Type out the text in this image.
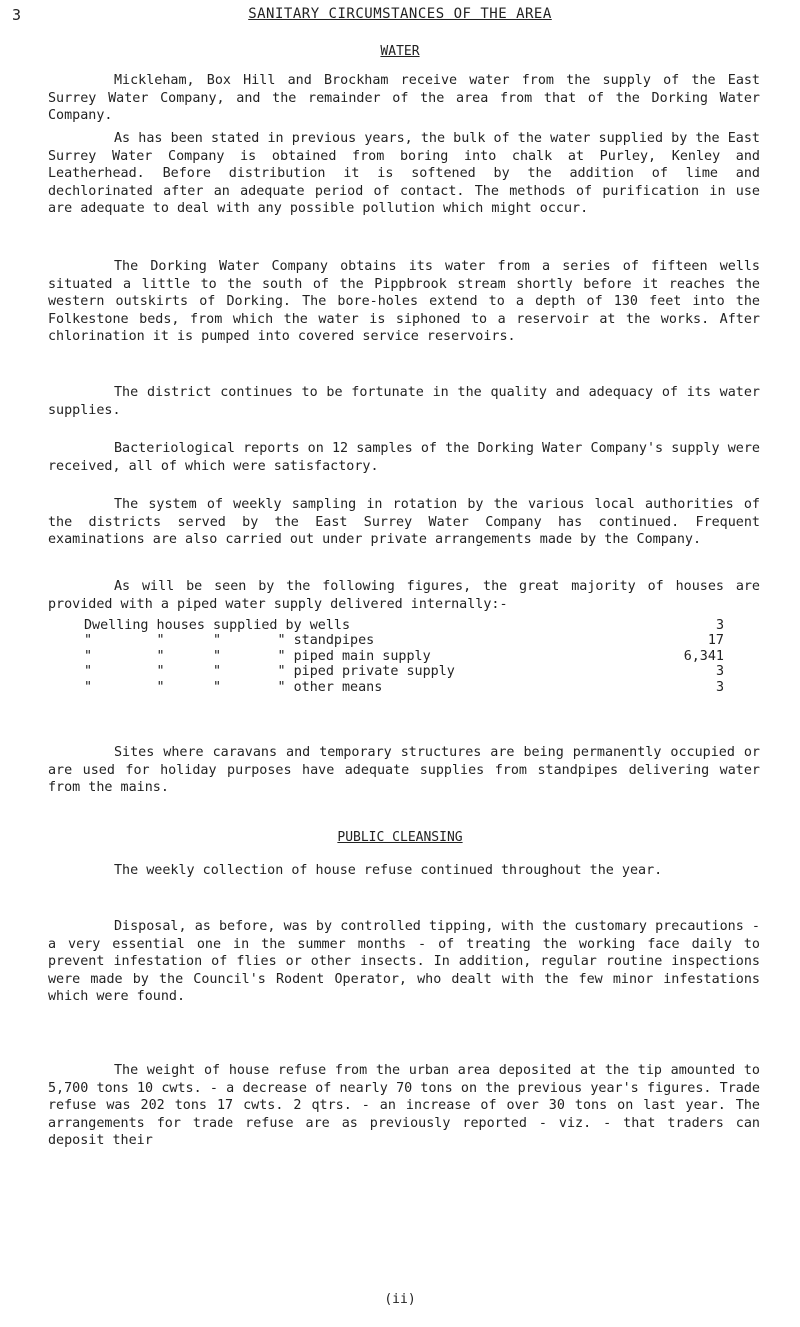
3	SANITARY CIRCUMSTANCES OF THE AREA
WATER

Mickleham, Box Hill and Brockham receive water from the supply of the East Surrey Water Company, and the remainder of the area from that of the Dorking Water Company.

As has been stated in previous years, the bulk of the water supplied by the East Surrey Water Company is obtained from boring into chalk at Purley, Kenley and Leatherhead. Before distribution it is softened by the addition of lime and dechlorinated after an adequate period of contact. The methods of purification in use are adequate to deal with any possible pollution which might occur.

The Dorking Water Company obtains its water from a series of fifteen wells situated a little to the south of the Pippbrook stream shortly before it reaches the western outskirts of Dorking. The bore-holes extend to a depth of 130 feet into the Folkestone beds, from which the water is siphoned to a reservoir at the works. After chlorination it is pumped into covered service reservoirs.

The district continues to be fortunate in the quality and adequacy of its water supplies.

Bacteriological reports on 12 samples of the Dorking Water Company's supply were received, all of which were satisfactory.

The system of weekly sampling in rotation by the various local authorities of the districts served by the East Surrey Water Company has continued. Frequent examinations are also carried out under private arrangements made by the Company.

As will be seen by the following figures, the great majority of houses are provided with a piped water supply delivered internally:-

Dwelling houses supplied by wells	3
"        "      "       " standpipes	17
"        "      "       " piped main supply	6,341
"        "      "       " piped private supply	3
"        "      "       " other means	3

Sites where caravans and temporary structures are being permanently occupied or are used for holiday purposes have adequate supplies from standpipes delivering water from the mains.

PUBLIC CLEANSING

The weekly collection of house refuse continued throughout the year.

Disposal, as before, was by controlled tipping, with the customary precautions - a very essential one in the summer months - of treating the working face daily to prevent infestation of flies or other insects. In addition, regular routine inspections were made by the Council's Rodent Operator, who dealt with the few minor infestations which were found.

The weight of house refuse from the urban area deposited at the tip amounted to 5,700 tons 10 cwts. - a decrease of nearly 70 tons on the previous year's figures. Trade refuse was 202 tons 17 cwts. 2 qtrs. - an increase of over 30 tons on last year. The arrangements for trade refuse are as previously reported - viz. - that traders can deposit their

(ii)
